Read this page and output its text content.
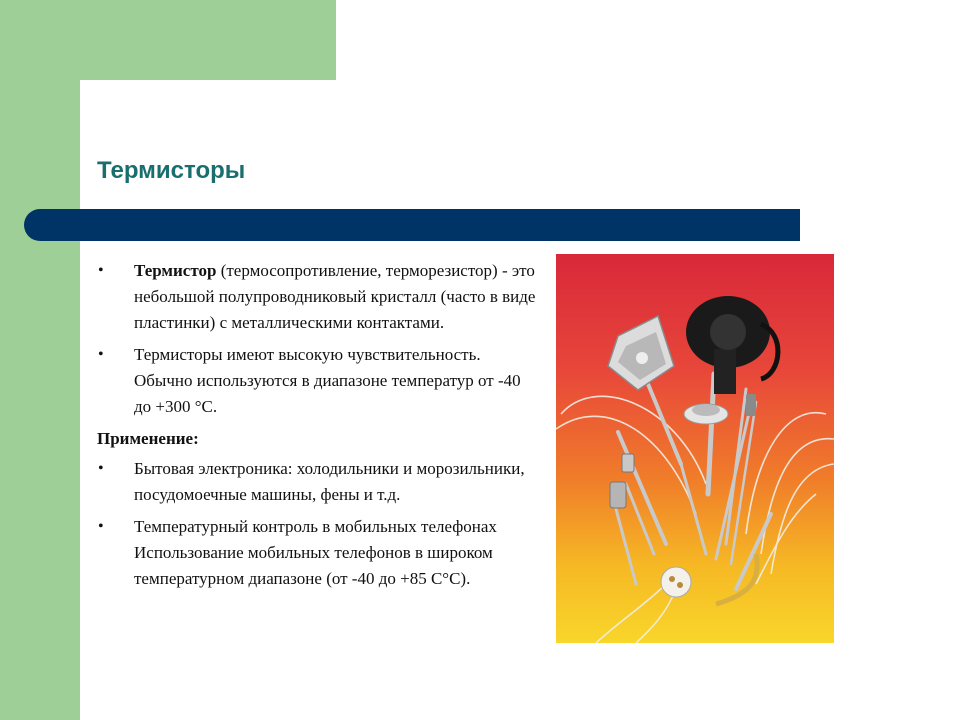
Термисторы

• Термистор (термосопротивление, терморезистор) - это небольшой полупроводниковый кристалл (часто в виде пластинки) с металлическими контактами.

• Термисторы имеют высокую чувствительность. Обычно используются в диапазоне температур от -40 до +300 °С.

Применение:

• Бытовая электроника: холодильники и морозильники, посудомоечные машины, фены и т.д.

• Температурный контроль в мобильных телефонах Использование мобильных телефонов в широком температурном диапазоне (от -40 до +85 С°С).
